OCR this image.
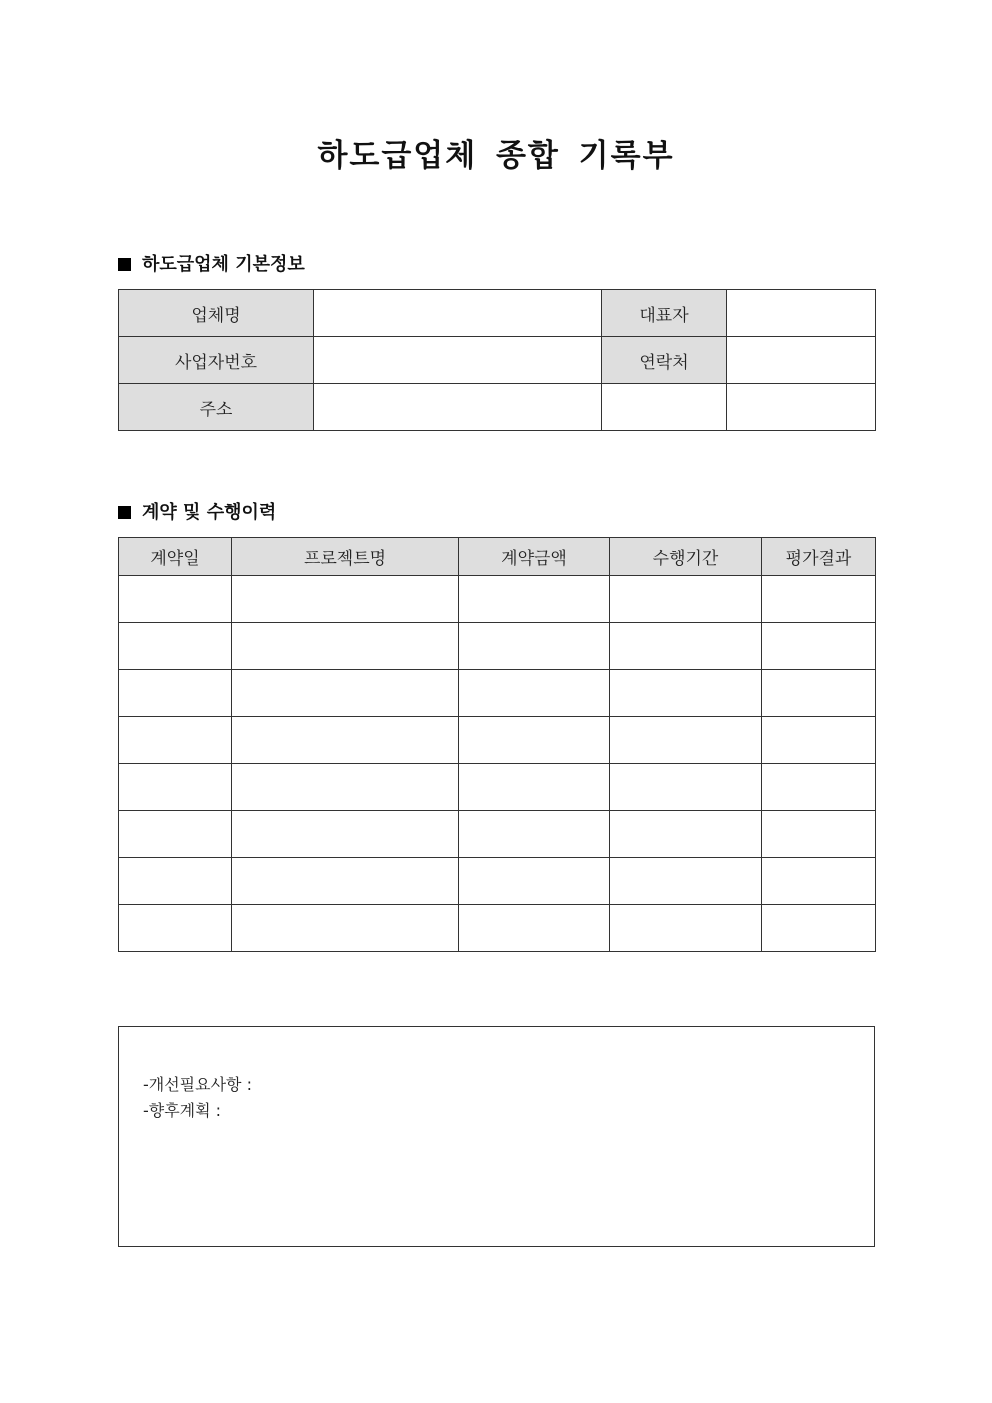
하도급업체 종합 기록부
하도급업체 기본정보
업체명		대표자	
사업자번호		연락처	
주소			
계약 및 수행이력
계약일	프로젝트명	계약금액	수행기간	평가결과

-개선필요사항 :
-향후계획 :
